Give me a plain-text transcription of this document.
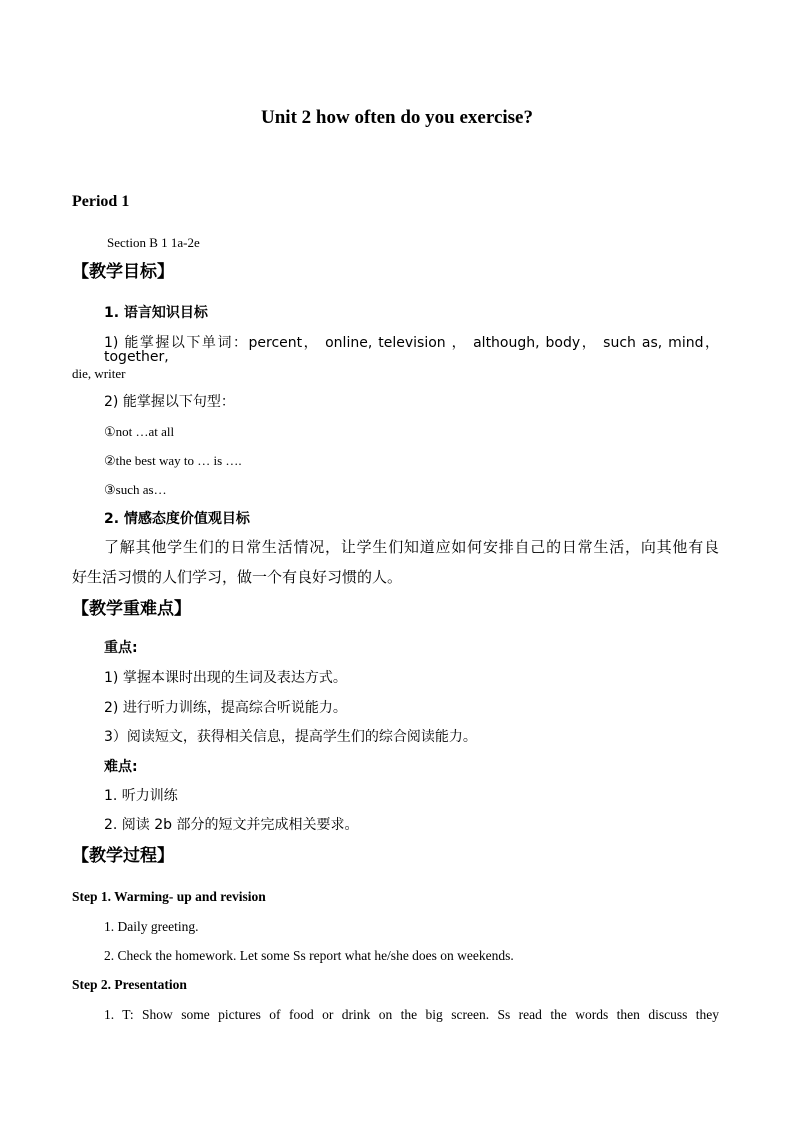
Unit 2 how often do you exercise?
Period 1
Section B 1 1a-2e
【教学目标】
1. 语言知识目标
1) 能掌握以下单词：percent， online, television ， although, body， such as, mind， together,
die, writer
2) 能掌握以下句型：
①not …at all
②the best way to … is ….
③such as…
2. 情感态度价值观目标
了解其他学生们的日常生活情况，让学生们知道应如何安排自己的日常生活，向其他有良
好生活习惯的人们学习，做一个有良好习惯的人。
【教学重难点】
重点:
1) 掌握本课时出现的生词及表达方式。
2) 进行听力训练，提高综合听说能力。
3）阅读短文，获得相关信息，提高学生们的综合阅读能力。
难点:
1. 听力训练
2. 阅读 2b 部分的短文并完成相关要求。
【教学过程】
Step 1. Warming- up and revision
1. Daily greeting.
2. Check the homework. Let some Ss report what he/she does on weekends.
Step 2. Presentation
1. T: Show some pictures of food or drink on the big screen. Ss read the words then discuss they
